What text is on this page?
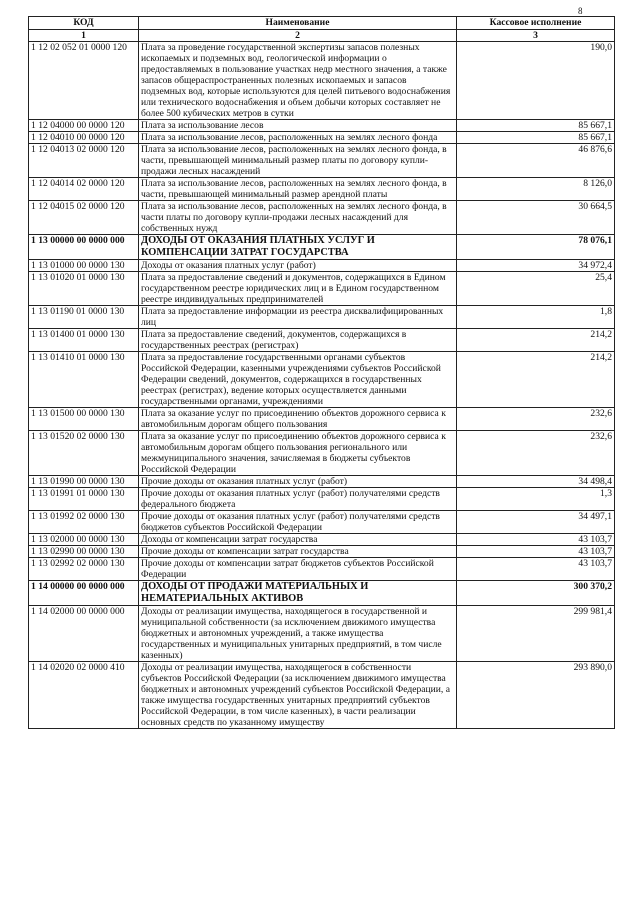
8
КОД	Наименование	Кассовое исполнение
1	2	3
1 12 02 052 01 0000 120	Плата за проведение государственной экспертизы запасов полезных ископаемых и подземных вод, геологической информации о предоставляемых в пользование участках недр местного значения, а также запасов общераспространенных полезных ископаемых и запасов подземных вод, которые используются для целей питьевого водоснабжения или технического водоснабжения и объем добычи которых составляет не более 500 кубических метров в сутки	190,0
1 12 04000 00 0000 120	Плата за использование лесов	85 667,1
1 12 04010 00 0000 120	Плата за использование лесов, расположенных на землях лесного фонда	85 667,1
1 12 04013 02 0000 120	Плата за использование лесов, расположенных на землях лесного фонда, в части, превышающей минимальный размер платы по договору купли-продажи лесных насаждений	46 876,6
1 12 04014 02 0000 120	Плата за использование лесов, расположенных на землях лесного фонда, в части, превышающей минимальный размер арендной платы	8 126,0
1 12 04015 02 0000 120	Плата за использование лесов, расположенных на землях лесного фонда, в части платы по договору купли-продажи лесных насаждений для собственных нужд	30 664,5
1 13 00000 00 0000 000	ДОХОДЫ ОТ ОКАЗАНИЯ ПЛАТНЫХ УСЛУГ И КОМПЕНСАЦИИ ЗАТРАТ ГОСУДАРСТВА	78 076,1
1 13 01000 00 0000 130	Доходы от оказания платных услуг (работ)	34 972,4
1 13 01020 01 0000 130	Плата за предоставление сведений и документов, содержащихся в Едином государственном реестре юридических лиц и в Едином государственном реестре индивидуальных предпринимателей	25,4
1 13 01190 01 0000 130	Плата за предоставление информации из реестра дисквалифицированных лиц	1,8
1 13 01400 01 0000 130	Плата за предоставление сведений, документов, содержащихся в государственных реестрах (регистрах)	214,2
1 13 01410 01 0000 130	Плата за предоставление государственными органами субъектов Российской Федерации, казенными учреждениями субъектов Российской Федерации сведений, документов, содержащихся в государственных реестрах (регистрах), ведение которых осуществляется данными государственными органами, учреждениями	214,2
1 13 01500 00 0000 130	Плата за оказание услуг по присоединению объектов дорожного сервиса к автомобильным дорогам общего пользования	232,6
1 13 01520 02 0000 130	Плата за оказание услуг по присоединению объектов дорожного сервиса к автомобильным дорогам общего пользования регионального или межмуниципального значения, зачисляемая в бюджеты субъектов Российской Федерации	232,6
1 13 01990 00 0000 130	Прочие доходы от оказания платных услуг (работ)	34 498,4
1 13 01991 01 0000 130	Прочие доходы от оказания платных услуг (работ) получателями средств федерального бюджета	1,3
1 13 01992 02 0000 130	Прочие доходы от оказания платных услуг (работ) получателями средств бюджетов субъектов Российской Федерации	34 497,1
1 13 02000 00 0000 130	Доходы от компенсации затрат государства	43 103,7
1 13 02990 00 0000 130	Прочие доходы от компенсации затрат государства	43 103,7
1 13 02992 02 0000 130	Прочие доходы от компенсации затрат бюджетов субъектов Российской Федерации	43 103,7
1 14 00000 00 0000 000	ДОХОДЫ ОТ ПРОДАЖИ МАТЕРИАЛЬНЫХ И НЕМАТЕРИАЛЬНЫХ АКТИВОВ	300 370,2
1 14 02000 00 0000 000	Доходы от реализации имущества, находящегося в государственной и муниципальной собственности (за исключением движимого имущества бюджетных и автономных учреждений, а также имущества государственных и муниципальных унитарных предприятий, в том числе казенных)	299 981,4
1 14 02020 02 0000 410	Доходы от реализации имущества, находящегося в собственности субъектов Российской Федерации (за исключением движимого имущества бюджетных и автономных учреждений субъектов Российской Федерации, а также имущества государственных унитарных предприятий субъектов Российской Федерации, в том числе казенных), в части реализации основных средств по указанному имуществу	293 890,0
